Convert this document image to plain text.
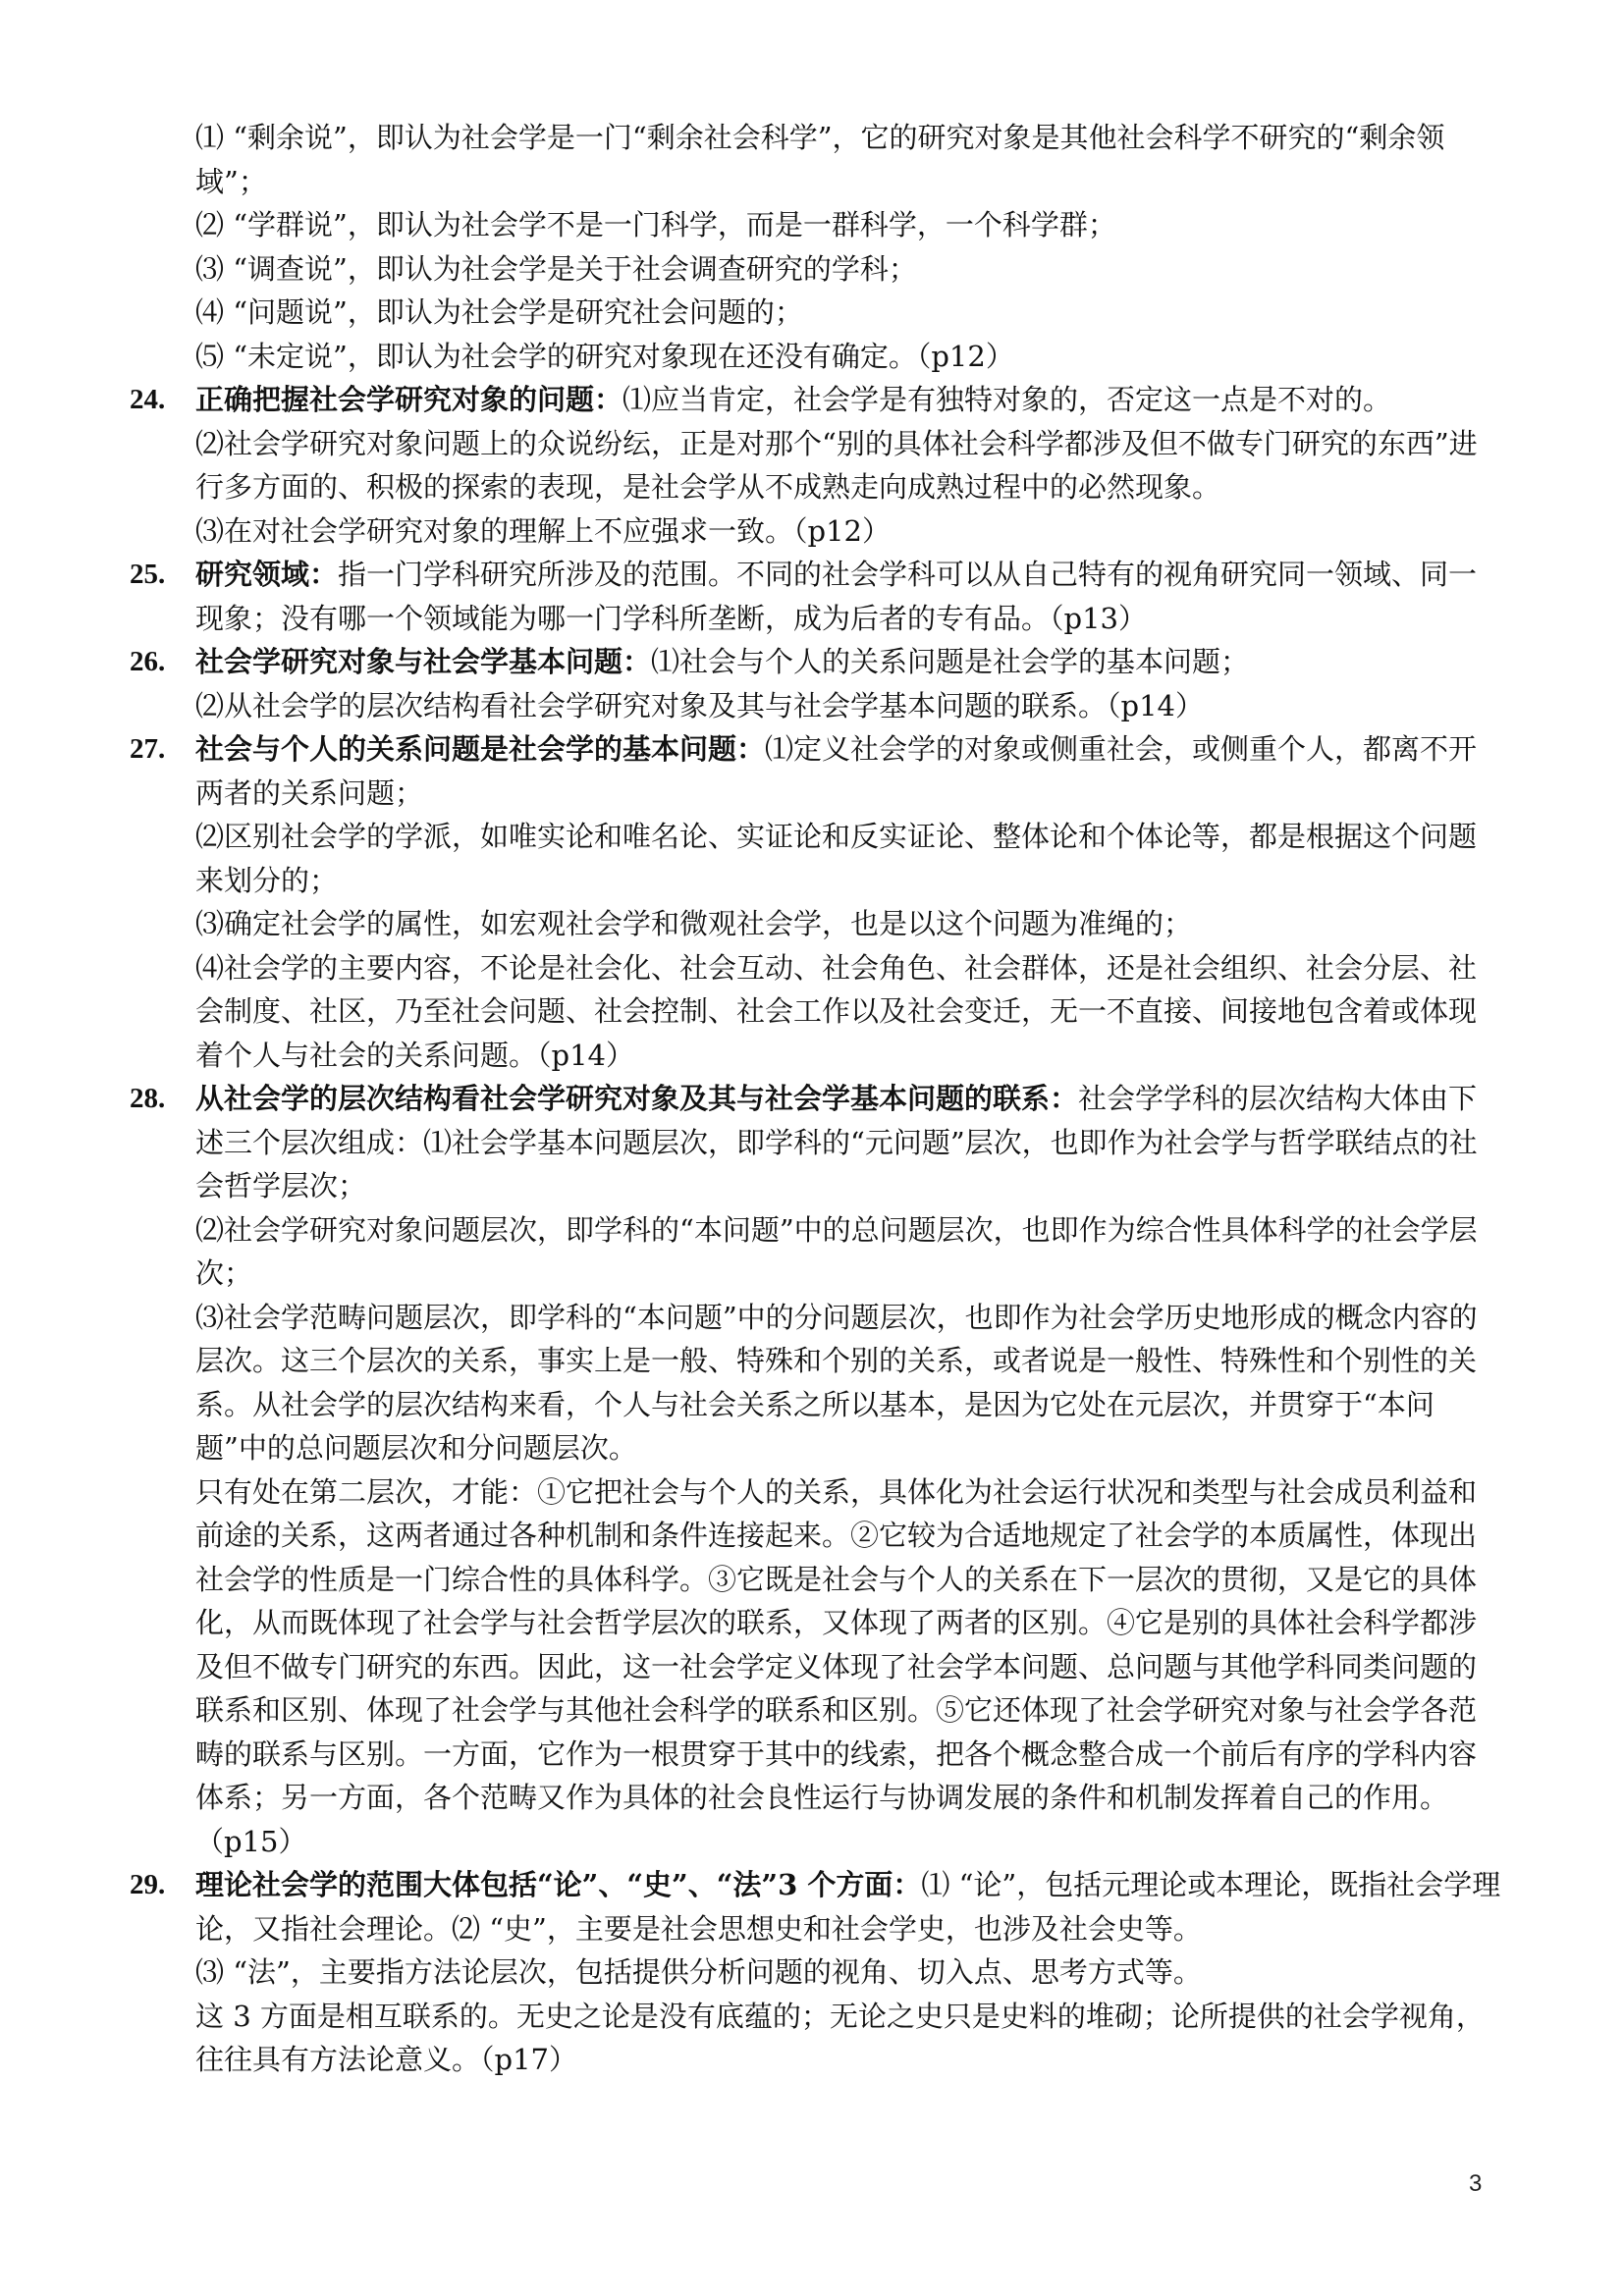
⑴ “剩余说”，即认为社会学是一门“剩余社会科学”，它的研究对象是其他社会科学不研究的“剩余领域”；

⑵ “学群说”，即认为社会学不是一门科学，而是一群科学，一个科学群；

⑶ “调查说”，即认为社会学是关于社会调查研究的学科；

⑷ “问题说”，即认为社会学是研究社会问题的；

⑸ “未定说”，即认为社会学的研究对象现在还没有确定。（p12）

24. 正确把握社会学研究对象的问题：⑴应当肯定，社会学是有独特对象的，否定这一点是不对的。

⑵社会学研究对象问题上的众说纷纭，正是对那个“别的具体社会科学都涉及但不做专门研究的东西”进行多方面的、积极的探索的表现，是社会学从不成熟走向成熟过程中的必然现象。

⑶在对社会学研究对象的理解上不应强求一致。（p12）

25. 研究领域：指一门学科研究所涉及的范围。不同的社会学科可以从自己特有的视角研究同一领域、同一现象；没有哪一个领域能为哪一门学科所垄断，成为后者的专有品。（p13）

26. 社会学研究对象与社会学基本问题：⑴社会与个人的关系问题是社会学的基本问题；

⑵从社会学的层次结构看社会学研究对象及其与社会学基本问题的联系。（p14）

27. 社会与个人的关系问题是社会学的基本问题：⑴定义社会学的对象或侧重社会，或侧重个人，都离不开两者的关系问题；

⑵区别社会学的学派，如唯实论和唯名论、实证论和反实证论、整体论和个体论等，都是根据这个问题来划分的；

⑶确定社会学的属性，如宏观社会学和微观社会学，也是以这个问题为准绳的；

⑷社会学的主要内容，不论是社会化、社会互动、社会角色、社会群体，还是社会组织、社会分层、社会制度、社区，乃至社会问题、社会控制、社会工作以及社会变迁，无一不直接、间接地包含着或体现着个人与社会的关系问题。（p14）

28. 从社会学的层次结构看社会学研究对象及其与社会学基本问题的联系：社会学学科的层次结构大体由下述三个层次组成：⑴社会学基本问题层次，即学科的“元问题”层次，也即作为社会学与哲学联结点的社会哲学层次；

⑵社会学研究对象问题层次，即学科的“本问题”中的总问题层次，也即作为综合性具体科学的社会学层次；

⑶社会学范畴问题层次，即学科的“本问题”中的分问题层次，也即作为社会学历史地形成的概念内容的层次。这三个层次的关系，事实上是一般、特殊和个别的关系，或者说是一般性、特殊性和个别性的关系。从社会学的层次结构来看，个人与社会关系之所以基本，是因为它处在元层次，并贯穿于“本问题”中的总问题层次和分问题层次。

只有处在第二层次，才能：①它把社会与个人的关系，具体化为社会运行状况和类型与社会成员利益和前途的关系，这两者通过各种机制和条件连接起来。②它较为合适地规定了社会学的本质属性，体现出社会学的性质是一门综合性的具体科学。③它既是社会与个人的关系在下一层次的贯彻，又是它的具体化，从而既体现了社会学与社会哲学层次的联系，又体现了两者的区别。④它是别的具体社会科学都涉及但不做专门研究的东西。因此，这一社会学定义体现了社会学本问题、总问题与其他学科同类问题的联系和区别、体现了社会学与其他社会科学的联系和区别。⑤它还体现了社会学研究对象与社会学各范畴的联系与区别。一方面，它作为一根贯穿于其中的线索，把各个概念整合成一个前后有序的学科内容体系；另一方面，各个范畴又作为具体的社会良性运行与协调发展的条件和机制发挥着自己的作用。（p15）

29. 理论社会学的范围大体包括“论”、“史”、“法”3 个方面：⑴ “论”，包括元理论或本理论，既指社会学理论，又指社会理论。⑵ “史”，主要是社会思想史和社会学史，也涉及社会史等。

⑶ “法”，主要指方法论层次，包括提供分析问题的视角、切入点、思考方式等。

这 3 方面是相互联系的。无史之论是没有底蕴的；无论之史只是史料的堆砌；论所提供的社会学视角，往往具有方法论意义。（p17）

3
